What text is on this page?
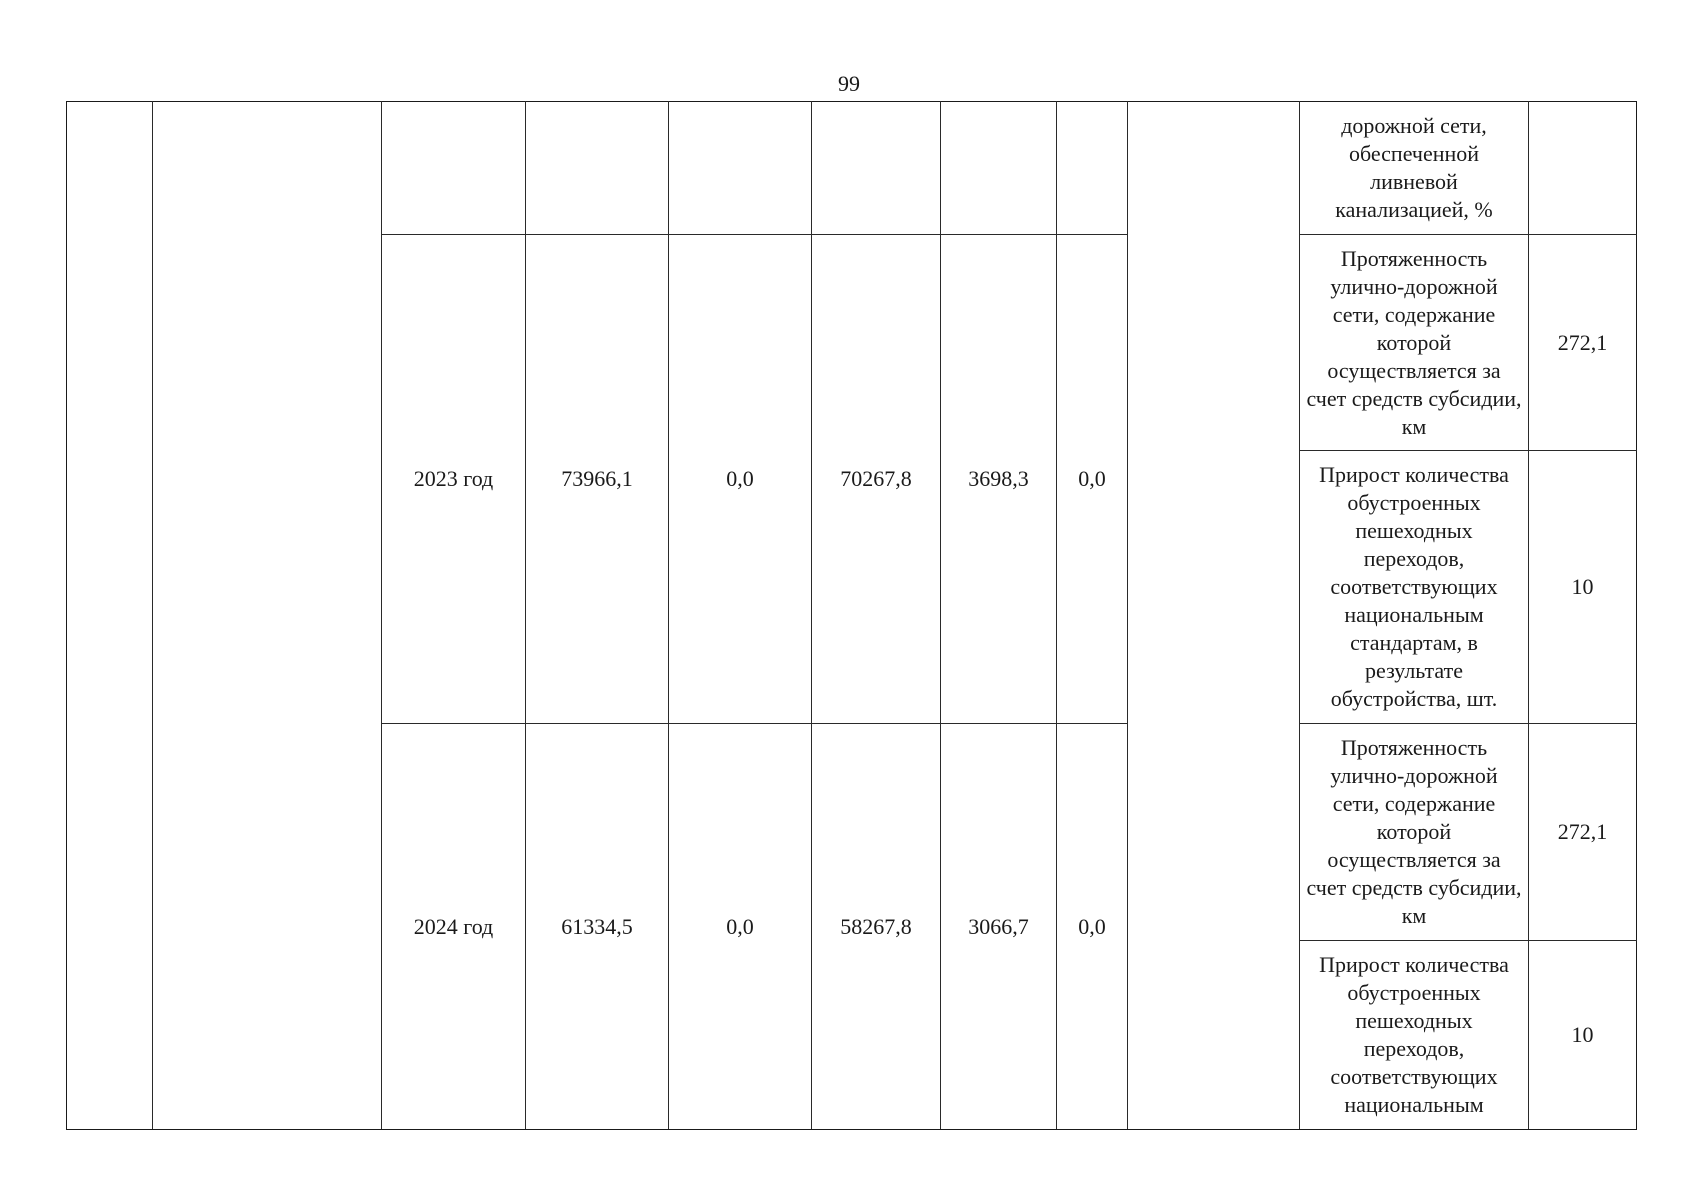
99

									дорожной сети, обеспеченной ливневой канализацией, %	

		2023 год	73966,1	0,0	70267,8	3698,3	0,0		Протяженность улично-дорожной сети, содержание которой осуществляется за счет средств субсидии, км	272,1

									Прирост количества обустроенных пешеходных переходов, соответствующих национальным стандартам, в результате обустройства, шт.	10
		2024 год	61334,5	0,0	58267,8	3066,7	0,0		Протяженность улично-дорожной сети, содержание которой осуществляется за счет средств субсидии, км	272,1

									Прирост количества обустроенных пешеходных переходов, соответствующих национальным	10
